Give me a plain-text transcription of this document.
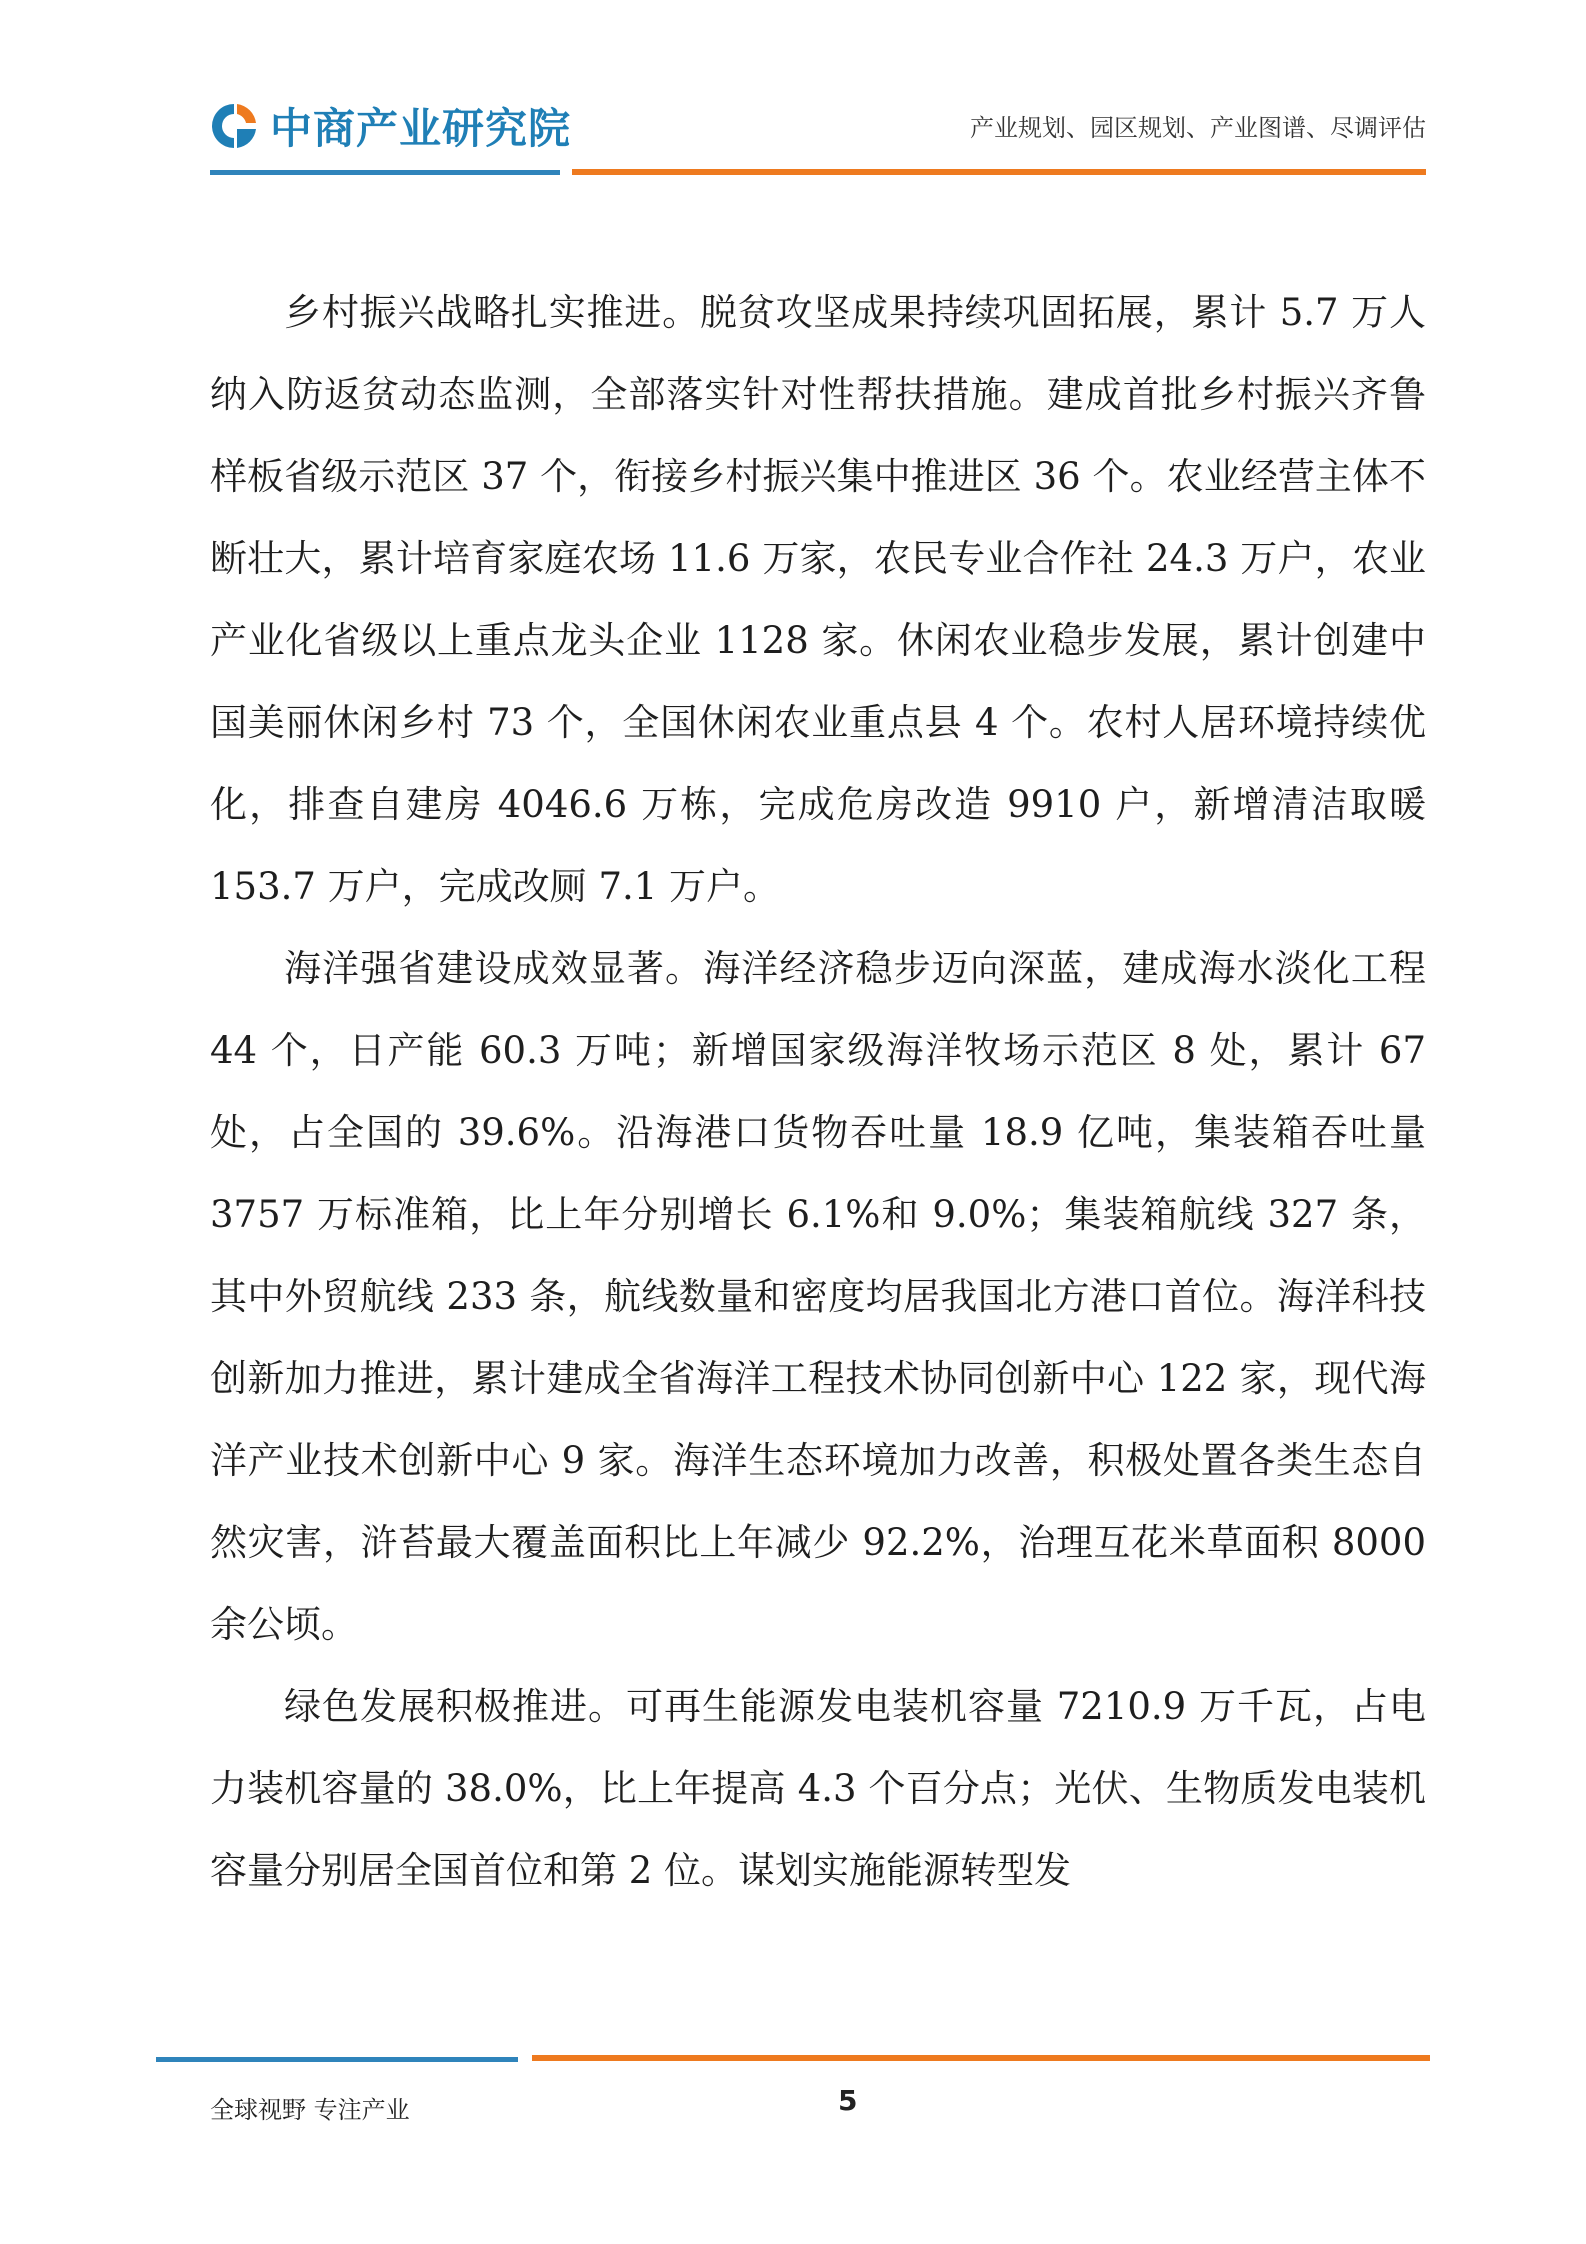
中商产业研究院	产业规划、园区规划、产业图谱、尽调评估

乡村振兴战略扎实推进。脱贫攻坚成果持续巩固拓展，累计 5.7 万人纳入防返贫动态监测，全部落实针对性帮扶措施。建成首批乡村振兴齐鲁样板省级示范区 37 个，衔接乡村振兴集中推进区 36 个。农业经营主体不断壮大，累计培育家庭农场 11.6 万家，农民专业合作社 24.3 万户，农业产业化省级以上重点龙头企业 1128 家。休闲农业稳步发展，累计创建中国美丽休闲乡村 73 个，全国休闲农业重点县 4 个。农村人居环境持续优化，排查自建房 4046.6 万栋，完成危房改造 9910 户，新增清洁取暖 153.7 万户，完成改厕 7.1 万户。

海洋强省建设成效显著。海洋经济稳步迈向深蓝，建成海水淡化工程 44 个，日产能 60.3 万吨；新增国家级海洋牧场示范区 8 处，累计 67 处，占全国的 39.6%。沿海港口货物吞吐量 18.9 亿吨，集装箱吞吐量 3757 万标准箱，比上年分别增长 6.1%和 9.0%；集装箱航线 327 条，其中外贸航线 233 条，航线数量和密度均居我国北方港口首位。海洋科技创新加力推进，累计建成全省海洋工程技术协同创新中心 122 家，现代海洋产业技术创新中心 9 家。海洋生态环境加力改善，积极处置各类生态自然灾害，浒苔最大覆盖面积比上年减少 92.2%，治理互花米草面积 8000 余公顷。

绿色发展积极推进。可再生能源发电装机容量 7210.9 万千瓦，占电力装机容量的 38.0%，比上年提高 4.3 个百分点；光伏、生物质发电装机容量分别居全国首位和第 2 位。谋划实施能源转型发

全球视野 专注产业	5
